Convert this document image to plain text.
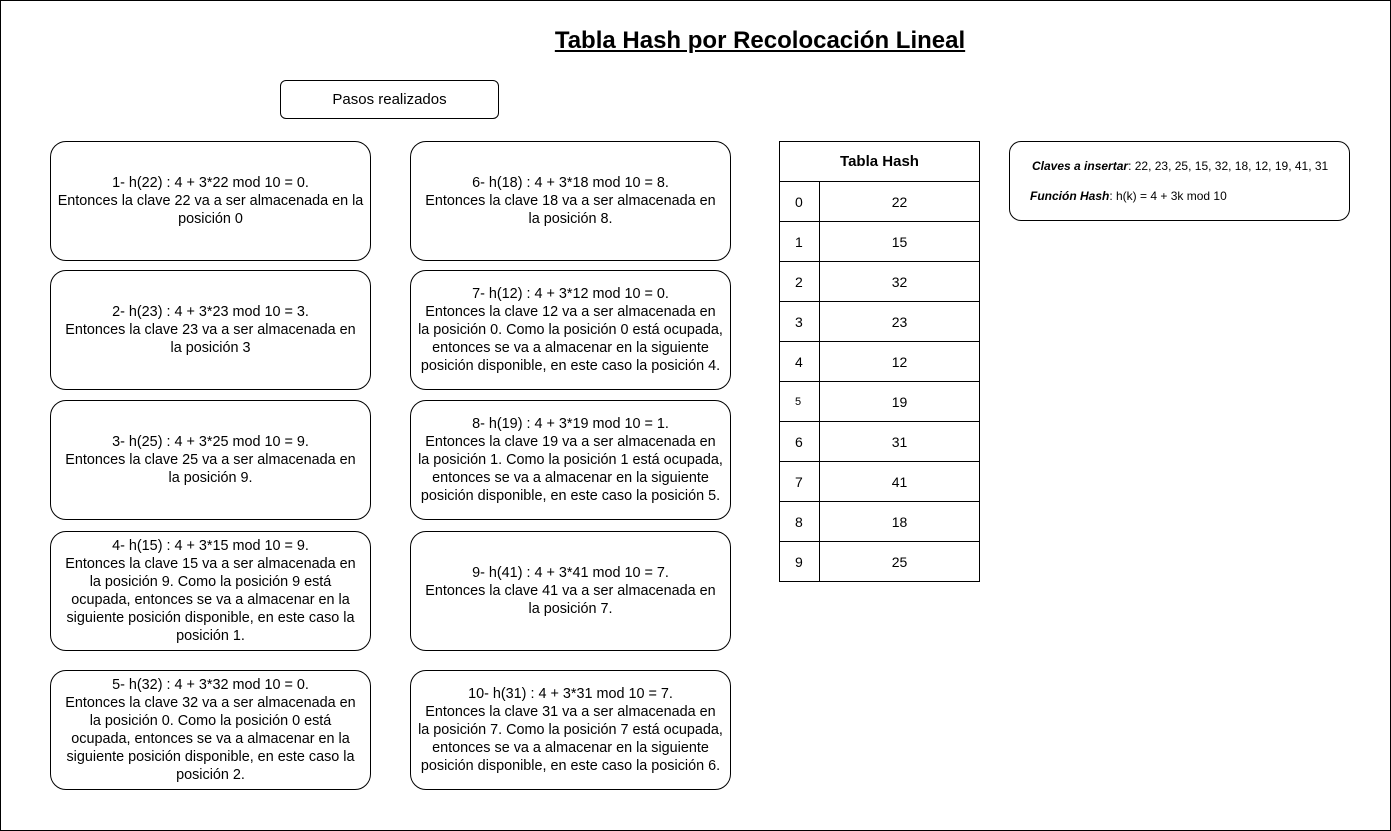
Tabla Hash por Recolocación Lineal
Pasos realizados
1- h(22) : 4 + 3*22 mod 10 = 0.
Entonces la clave 22 va a ser almacenada en la
posición 0
2- h(23) : 4 + 3*23 mod 10 = 3.
Entonces la clave 23 va a ser almacenada en
la posición 3
3- h(25) : 4 + 3*25 mod 10 = 9.
Entonces la clave 25 va a ser almacenada en
la posición 9.
4- h(15) : 4 + 3*15 mod 10 = 9.
Entonces la clave 15 va a ser almacenada en
la posición 9. Como la posición 9 está
ocupada, entonces se va a almacenar en la
siguiente posición disponible, en este caso la
posición 1.
5- h(32) : 4 + 3*32 mod 10 = 0.
Entonces la clave 32 va a ser almacenada en
la posición 0. Como la posición 0 está
ocupada, entonces se va a almacenar en la
siguiente posición disponible, en este caso la
posición 2.
6- h(18) : 4 + 3*18 mod 10 = 8.
Entonces la clave 18 va a ser almacenada en
la posición 8.
7- h(12) : 4 + 3*12 mod 10 = 0.
Entonces la clave 12 va a ser almacenada en
la posición 0. Como la posición 0 está ocupada,
entonces se va a almacenar en la siguiente
posición disponible, en este caso la posición 4.
8- h(19) : 4 + 3*19 mod 10 = 1.
Entonces la clave 19 va a ser almacenada en
la posición 1. Como la posición 1 está ocupada,
entonces se va a almacenar en la siguiente
posición disponible, en este caso la posición 5.
9- h(41) : 4 + 3*41 mod 10 = 7.
Entonces la clave 41 va a ser almacenada en
la posición 7.
10- h(31) : 4 + 3*31 mod 10 = 7.
Entonces la clave 31 va a ser almacenada en
la posición 7. Como la posición 7 está ocupada,
entonces se va a almacenar en la siguiente
posición disponible, en este caso la posición 6.
Tabla Hash
0	22
1	15
2	32
3	23
4	12
5	19
6	31
7	41
8	18
9	25
Claves a insertar: 22, 23, 25, 15, 32, 18, 12, 19, 41, 31
Función Hash: h(k) = 4 + 3k mod 10
